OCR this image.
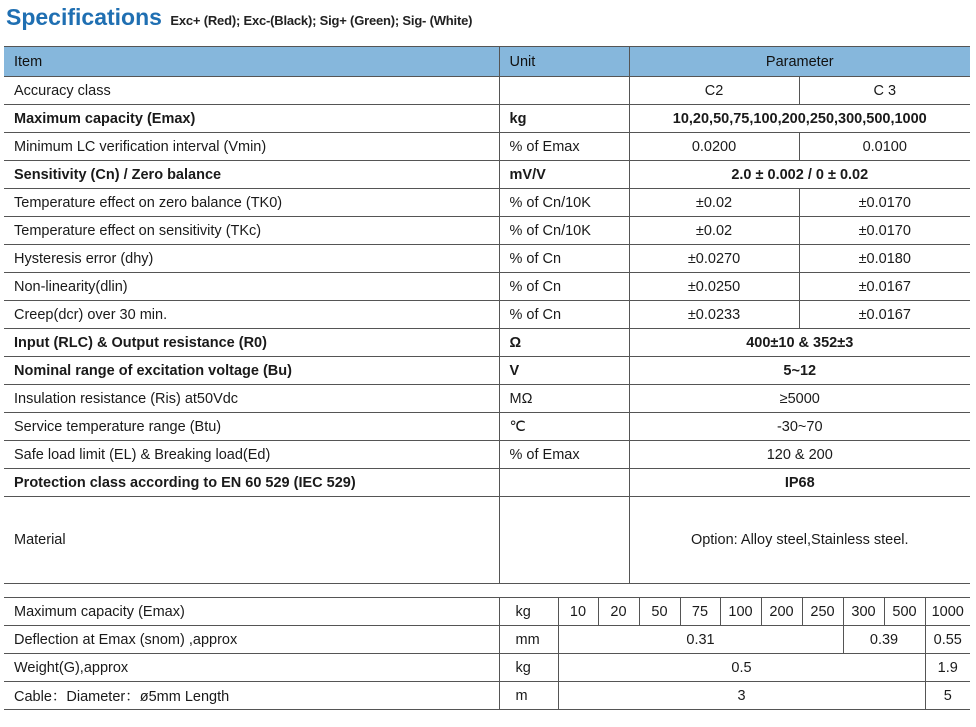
Specifications Exc+ (Red); Exc-(Black); Sig+ (Green); Sig- (White)
Item	Unit	Parameter	
Accuracy class		C2	C 3
Maximum capacity (Emax)	kg	10,20,50,75,100,200,250,300,500,1000	
Minimum LC verification interval (Vmin)	% of Emax	0.0200	0.0100
Sensitivity (Cn) / Zero balance	mV/V	2.0 ± 0.002 / 0 ± 0.02	
Temperature effect on zero balance (TK0)	% of Cn/10K	±0.02	±0.0170
Temperature effect on sensitivity (TKc)	% of Cn/10K	±0.02	±0.0170
Hysteresis error (dhy)	% of Cn	±0.0270	±0.0180
Non-linearity(dlin)	% of Cn	±0.0250	±0.0167
Creep(dcr) over 30 min.	% of Cn	±0.0233	±0.0167
Input (RLC) & Output resistance (R0)	Ω	400±10 & 352±3	
Nominal range of excitation voltage (Bu)	V	5~12	
Insulation resistance (Ris) at50Vdc	MΩ	≥5000	
Service temperature range (Btu)	℃	-30~70	
Safe load limit (EL) & Breaking load(Ed)	% of Emax	120 & 200	
Protection class according to EN 60 529 (IEC 529)		IP68	
Material		Option: Alloy steel,Stainless steel.	
Maximum capacity (Emax)	kg	10	20	50	75	100	200	250	300	500	1000
Deflection at Emax (snom) ,approx	mm	0.31							0.39		0.55
Weight(G),approx	kg	0.5									1.9
Cable：Diameter：ø5mm Length	m	3									5
